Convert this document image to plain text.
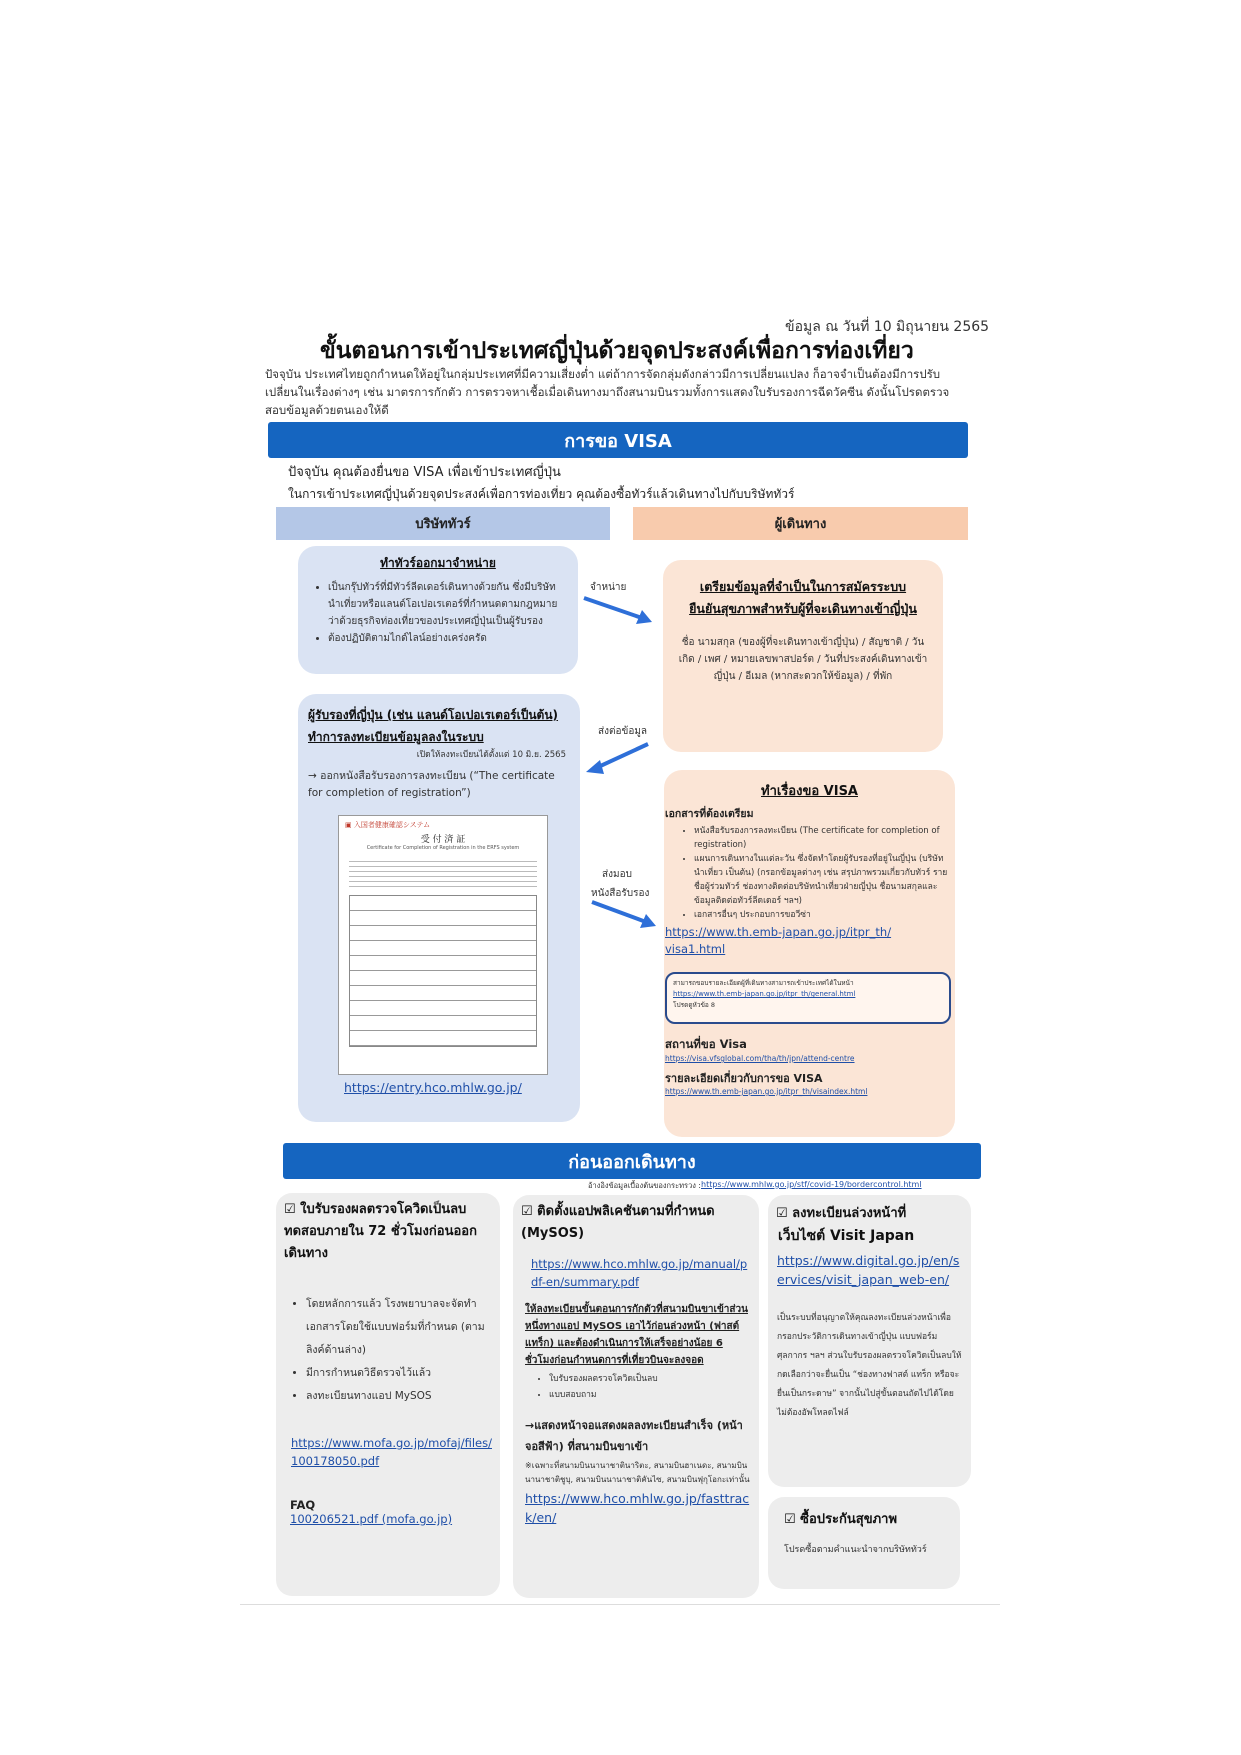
ข้อมูล ณ วันที่ 10 มิถุนายน 2565
ขั้นตอนการเข้าประเทศญี่ปุ่นด้วยจุดประสงค์เพื่อการท่องเที่ยว
ปัจจุบัน ประเทศไทยถูกกำหนดให้อยู่ในกลุ่มประเทศที่มีความเสี่ยงต่ำ แต่ถ้าการจัดกลุ่มดังกล่าวมีการเปลี่ยนแปลง ก็อาจจำเป็นต้องมีการปรับเปลี่ยนในเรื่องต่างๆ เช่น มาตรการกักตัว การตรวจหาเชื้อเมื่อเดินทางมาถึงสนามบินรวมทั้งการแสดงใบรับรองการฉีดวัคซีน ดังนั้นโปรดตรวจสอบข้อมูลด้วยตนเองให้ดี
การขอ VISA
ปัจจุบัน คุณต้องยื่นขอ VISA เพื่อเข้าประเทศญี่ปุ่น
ในการเข้าประเทศญี่ปุ่นด้วยจุดประสงค์เพื่อการท่องเที่ยว คุณต้องซื้อทัวร์แล้วเดินทางไปกับบริษัททัวร์
บริษัททัวร์	ผู้เดินทาง
ทำทัวร์ออกมาจำหน่าย
• เป็นกรุ๊ปทัวร์ที่มีทัวร์ลีดเดอร์เดินทางด้วยกัน ซึ่งมีบริษัทนำเที่ยวหรือแลนด์โอเปอเรเตอร์ที่กำหนดตามกฎหมายว่าด้วยธุรกิจท่องเที่ยวของประเทศญี่ปุ่นเป็นผู้รับรอง
• ต้องปฏิบัติตามไกด์ไลน์อย่างเคร่งครัด
จำหน่าย	เตรียมข้อมูลที่จำเป็นในการสมัครระบบยืนยันสุขภาพสำหรับผู้ที่จะเดินทางเข้าญี่ปุ่น
ชื่อ นามสกุล (ของผู้ที่จะเดินทางเข้าญี่ปุ่น) / สัญชาติ / วันเกิด / เพศ / หมายเลขพาสปอร์ต / วันที่ประสงค์เดินทางเข้าญี่ปุ่น / อีเมล (หากสะดวกให้ข้อมูล) / ที่พัก
ส่งต่อข้อมูล
ผู้รับรองที่ญี่ปุ่น (เช่น แลนด์โอเปอเรเตอร์เป็นต้น) ทำการลงทะเบียนข้อมูลลงในระบบ
เปิดให้ลงทะเบียนได้ตั้งแต่ 10 มิ.ย. 2565
→ ออกหนังสือรับรองการลงทะเบียน (“The certificate for completion of registration”)
▣ 入国者健康確認システム
受 付 済 証
Certificate for Completion of Registration in the ERFS system
https://entry.hco.mhlw.go.jp/
ส่งมอบ
หนังสือรับรอง
ทำเรื่องขอ VISA
เอกสารที่ต้องเตรียม
• หนังสือรับรองการลงทะเบียน (The certificate for completion of registration)
• แผนการเดินทางในแต่ละวัน ซึ่งจัดทำโดยผู้รับรองที่อยู่ในญี่ปุ่น (บริษัทนำเที่ยว เป็นต้น) (กรอกข้อมูลต่างๆ เช่น สรุปภาพรวมเกี่ยวกับทัวร์ รายชื่อผู้ร่วมทัวร์ ช่องทางติดต่อบริษัทนำเที่ยวฝ่ายญี่ปุ่น ชื่อนามสกุลและข้อมูลติดต่อทัวร์ลีดเดอร์ ฯลฯ)
• เอกสารอื่นๆ ประกอบการขอวีซ่า
https://www.th.emb-japan.go.jp/itpr_th/visa1.html
สามารถขอบรายละเอียดผู้ที่เดินทางสามารถเข้าประเทศได้ในหน้า
https://www.th.emb-japan.go.jp/itpr_th/general.html
โปรดดูหัวข้อ 8
สถานที่ขอ Visa
https://visa.vfsglobal.com/tha/th/jpn/attend-centre
รายละเอียดเกี่ยวกับการขอ VISA
https://www.th.emb-japan.go.jp/itpr_th/visaindex.html
ก่อนออกเดินทาง
อ้างอิงข้อมูลเบื้องต้นของกระทรวง : https://www.mhlw.go.jp/stf/covid-19/bordercontrol.html
☑ ใบรับรองผลตรวจโควิดเป็นลบทดสอบภายใน 72 ชั่วโมงก่อนออกเดินทาง
• โดยหลักการแล้ว โรงพยาบาลจะจัดทำเอกสารโดยใช้แบบฟอร์มที่กำหนด (ตามลิงค์ด้านล่าง)
• มีการกำหนดวิธีตรวจไว้แล้ว
• ลงทะเบียนทางแอป MySOS
https://www.mofa.go.jp/mofaj/files/100178050.pdf
FAQ
100206521.pdf (mofa.go.jp)
☑ ติดตั้งแอปพลิเคชันตามที่กำหนด (MySOS)
https://www.hco.mhlw.go.jp/manual/pdf-en/summary.pdf
ให้ลงทะเบียนขั้นตอนการกักตัวที่สนามบินขาเข้าส่วนหนึ่งทางแอป MySOS เอาไว้ก่อนล่วงหน้า (ฟาสต์ แทร็ก) และต้องดำเนินการให้เสร็จอย่างน้อย 6 ชั่วโมงก่อนกำหนดการที่เที่ยวบินจะลงจอด
• ใบรับรองผลตรวจโควิดเป็นลบ
• แบบสอบถาม
→แสดงหน้าจอแสดงผลลงทะเบียนสำเร็จ (หน้าจอสีฟ้า) ที่สนามบินขาเข้า
※เฉพาะที่สนามบินนานาชาตินาริตะ, สนามบินฮาเนดะ, สนามบินนานาชาติชูบุ, สนามบินนานาชาติคันไซ, สนามบินฟุกุโอกะเท่านั้น
https://www.hco.mhlw.go.jp/fasttrack/en/
☑ ลงทะเบียนล่วงหน้าที่
เว็บไซต์ Visit Japan
https://www.digital.go.jp/en/services/visit_japan_web-en/
เป็นระบบที่อนุญาตให้คุณลงทะเบียนล่วงหน้าเพื่อกรอกประวัติการเดินทางเข้าญี่ปุ่น แบบฟอร์มศุลกากร ฯลฯ ส่วนใบรับรองผลตรวจโควิดเป็นลบให้กดเลือกว่าจะยื่นเป็น “ช่องทางฟาสต์ แทร็ก หรือจะยื่นเป็นกระดาษ” จากนั้นไปสู่ขั้นตอนถัดไปได้โดยไม่ต้องอัพโหลดไฟล์
☑ ซื้อประกันสุขภาพ
โปรดซื้อตามคำแนะนำจากบริษัททัวร์
